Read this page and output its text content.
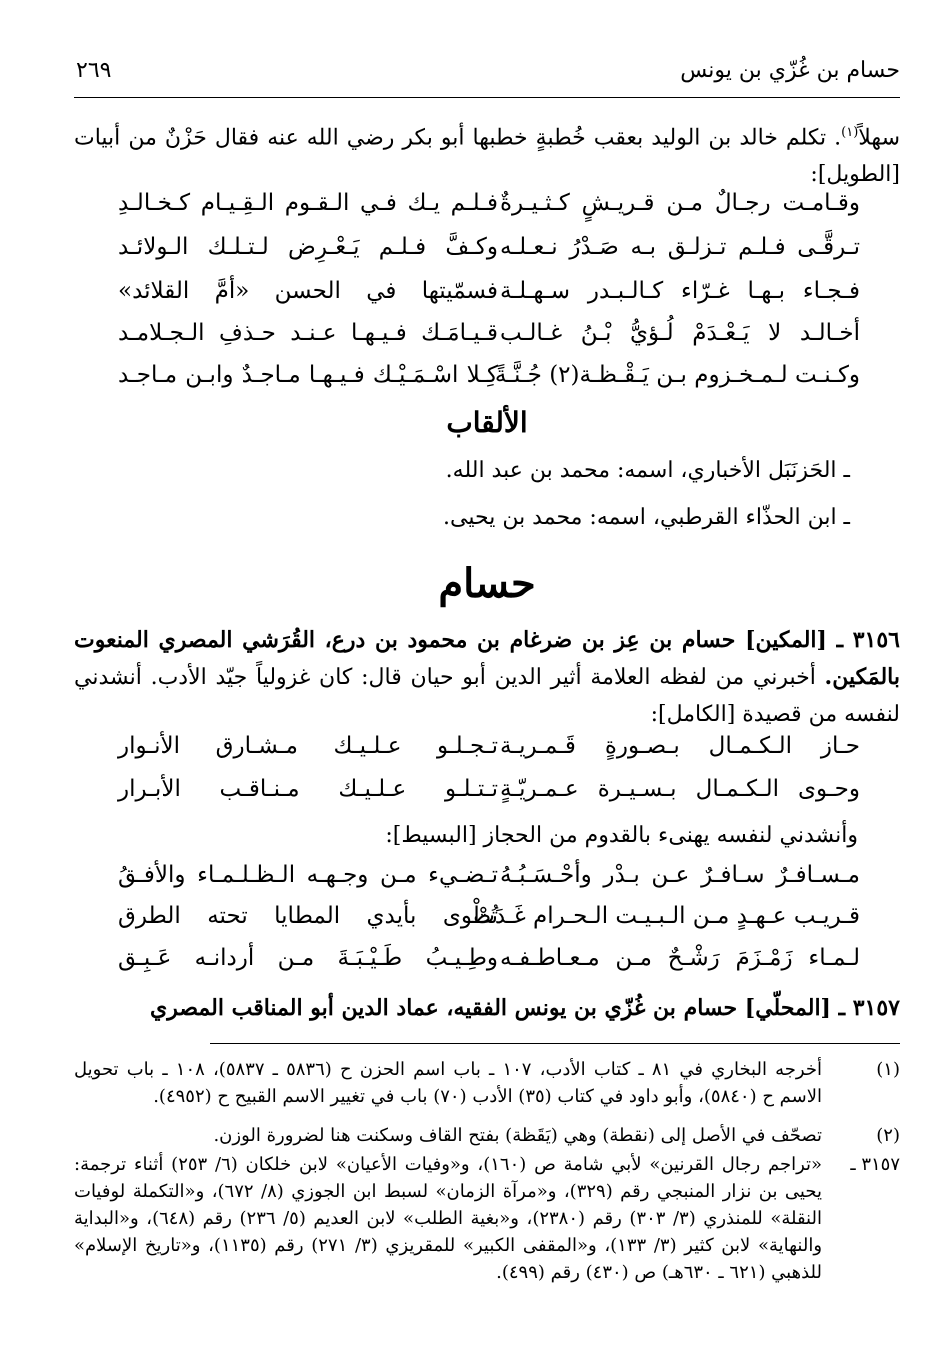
حسام بن غُزّي بن يونس
٢٦٩

سهلاً$^{(١)}$. تكلم خالد بن الوليد بعقب خُطبةٍ خطبها أبو بكر رضي الله عنه فقال حَزْنٌ من أبيات [الطويل]:

وقـامـت رجـالٌ مـن قـريـشٍ كـثـيـرةٌ
فـلـم يـك فـي الـقـوم الـقِـيـام كـخـالـدِ
تـرقَّـى فـلـم تـزلـق بـه صَـدْرُ نـعـلـه
وكـفَّ فـلـم يَـعْـرِض لـتـلـك الـولائـد
فـجـاء بـهـا غـرّاء كـالـبـدر سـهـلـة
فسمّيتها في الحسن «أمَّ القلائد»
أخـالـد لا يَـعْـدَمْ لُـؤيُّ بْـنُ غـالـب
قـيـامَـك فـيـهـا عـنـد حـذفِ الـجـلامـد
وكـنـت لـمـخـزوم بـن يَـقْـظـة(٢) جُـنَّـةً
كِـلا اسْـمَـيْـك فـيـهـا مـاجـدٌ وابـن مـاجـد
الألقاب
ـ الحَزنَبَل الأخباري، اسمه: محمد بن عبد الله.
ـ ابن الحذّاء القرطبي، اسمه: محمد بن يحيى.
حسام

٣١٥٦ ـ [المكين] حسام بن عِز بن ضرغام بن محمود بن درع، القُرَشي المصري المنعوت بالمَكين. أخبرني من لفظه العلامة أثير الدين أبو حيان قال: كان غزولياً جيّد الأدب. أنشدني لنفسه من قصيدة [الكامل]:

حـاز الـكـمـال بـصـورةٍ قَـمـريـة
تـجـلـو عـلـيـك مـشـارق الأنـوار
وحـوى الـكـمـال بـسـيـرة عـمـريّـةٍ
تـتـلـو عـلـيـك مـنـاقـب الأبـرار
وأنشدني لنفسه يهنىء بالقدوم من الحجاز [البسيط]:
مـسـافـرٌ سـافـرٌ عـن بـدْر وأحْـسَـبُـهُ
تـضـيء مـن وجـهـه الـظـلـمـاء والأفـقُ
قـريـب عـهـدٍ مـن الـبـيـت الـحـرام غَـدَتْ
تُطْوى بأيدي المطايا تحته الطرق
لـمـاء زَمْـزَمَ رَشْـحٌ مـن مـعـاطـفـه
وطِـيـبُ طَـيْـبَـةَ مـن أردانـه عَـبِـق

٣١٥٧ ـ [المحلّي] حسام بن غُزّي بن يونس الفقيه، عماد الدين أبو المناقب المصري

(١)
أخرجه البخاري في ٨١ ـ كتاب الأدب، ١٠٧ ـ باب اسم الحزن ح (٥٨٣٦ ـ ٥٨٣٧)، ١٠٨ ـ باب تحويل الاسم ح (٥٨٤٠)، وأبو داود في كتاب (٣٥) الأدب (٧٠) باب في تغيير الاسم القبيح ح (٤٩٥٢).
(٢)
تصحّف في الأصل إلى (نقطة) وهي (يَقَظة) بفتح القاف وسكنت هنا لضرورة الوزن.
٣١٥٧ ـ
«تراجم رجال القرنين» لأبي شامة ص (١٦٠)، و«وفيات الأعيان» لابن خلكان (٦/ ٢٥٣) أثناء ترجمة: يحيى بن نزار المنبجي رقم (٣٢٩)، و«مرآة الزمان» لسبط ابن الجوزي (٨/ ٦٧٢)، و«التكملة لوفيات النقلة» للمنذري (٣/ ٣٠٣) رقم (٢٣٨٠)، و«بغية الطلب» لابن العديم (٥/ ٢٣٦) رقم (٦٤٨)، و«البداية والنهاية» لابن كثير (٣/ ١٣٣)، و«المقفى الكبير» للمقريزي (٣/ ٢٧١) رقم (١١٣٥)، و«تاريخ الإسلام» للذهبي (٦٢١ ـ ٦٣٠هـ) ص (٤٣٠) رقم (٤٩٩).
